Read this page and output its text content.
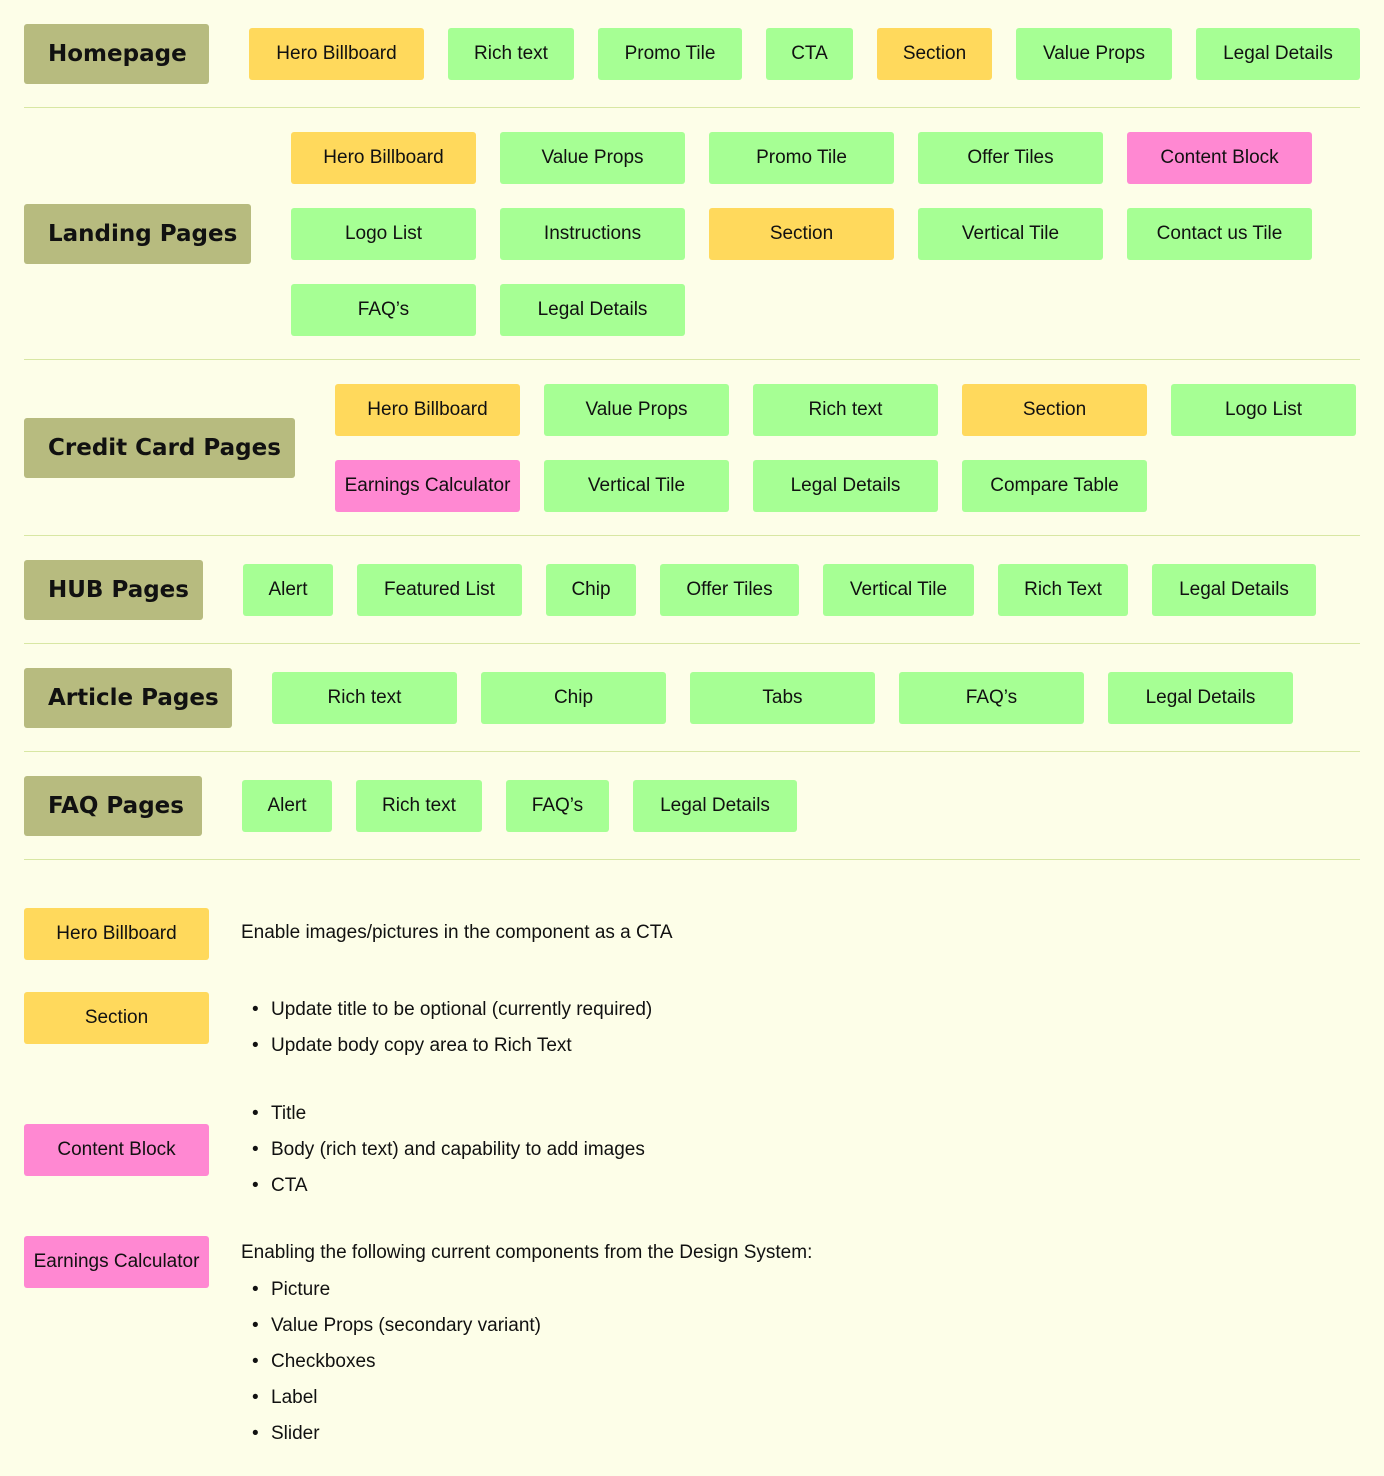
Homepage	Hero Billboard	Rich text	Promo Tile	CTA	Section	Value Props	Legal Details
Landing Pages
Hero Billboard	Value Props	Promo Tile	Offer Tiles	Content Block
Logo List	Instructions	Section	Vertical Tile	Contact us Tile
FAQ’s	Legal Details
Credit Card Pages
Hero Billboard	Value Props	Rich text	Section	Logo List
Earnings Calculator	Vertical Tile	Legal Details	Compare Table
HUB Pages	Alert	Featured List	Chip	Offer Tiles	Vertical Tile	Rich Text	Legal Details
Article Pages	Rich text	Chip	Tabs	FAQ’s	Legal Details
FAQ Pages	Alert	Rich text	FAQ’s	Legal Details
Hero Billboard	Enable images/pictures in the component as a CTA
Section	• Update title to be optional (currently required)
• Update body copy area to Rich Text
Content Block
• Title
• Body (rich text) and capability to add images
• CTA
Earnings Calculator	Enabling the following current components from the Design System:
• Picture
• Value Props (secondary variant)
• Checkboxes
• Label
• Slider
